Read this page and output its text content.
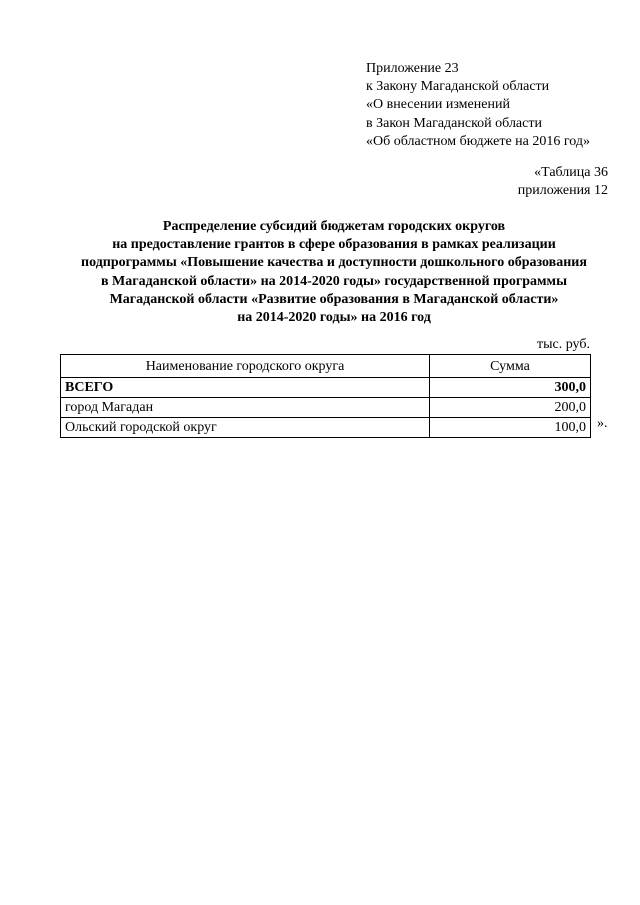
Приложение 23
к Закону Магаданской области
«О внесении изменений
в Закон Магаданской области
«Об областном бюджете на 2016 год»
«Таблица 36
приложения 12
Распределение субсидий бюджетам городских округов
на предоставление грантов в сфере образования в рамках реализации
подпрограммы «Повышение качества и доступности дошкольного образования
в Магаданской области» на 2014-2020 годы» государственной программы
Магаданской области «Развитие образования в Магаданской области»
на 2014-2020 годы» на 2016 год
тыс. руб.
Наименование городского округа	Сумма
ВСЕГО	300,0
город Магадан	200,0
Ольский городской округ	100,0 ».
